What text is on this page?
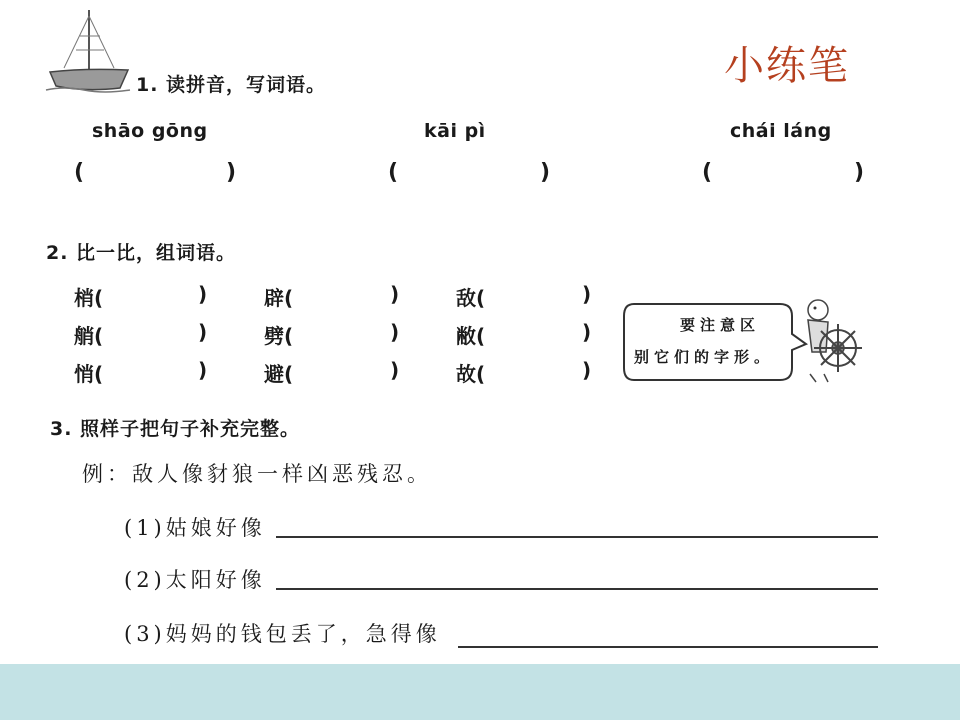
小练笔
1. 读拼音，写词语。
shāo gōng	kāi pì	chái láng
(	)	(	)	(	)
2. 比一比，组词语。
梢(	)	辟(	)	敌(	)
艄(	)	劈(	)	敝(	)
悄(	)	避(	)	故(	)
要注意区
别它们的字形。
3. 照样子把句子补充完整。
例：敌人像豺狼一样凶恶残忍。
(1)姑娘好像
(2)太阳好像
(3)妈妈的钱包丢了，急得像
